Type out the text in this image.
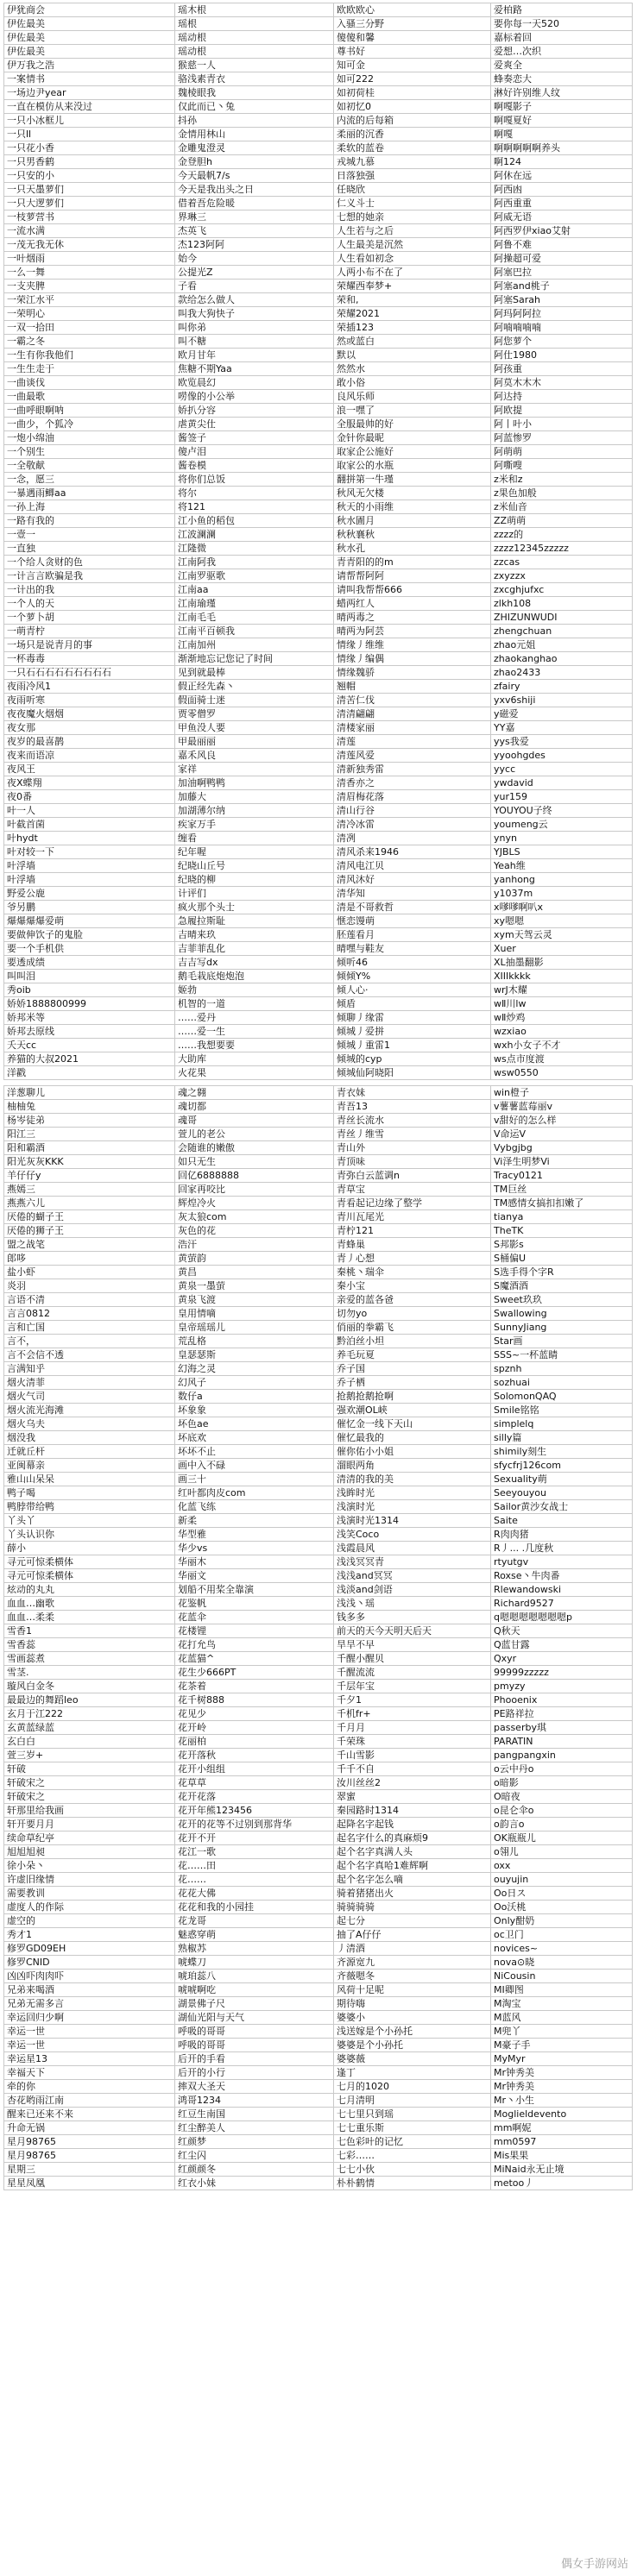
伊犹商会	瑶木根	欧欧欧心	爱柏路
伊佐最美	瑶根	入骚三分野	要你每一天520
伊佐最美	瑶动根	傻傻和馨	嘉标着回
伊佐最美	瑶动根	尊书好	爱想…次织
伊万我之浩	猴慈一人	知可金	爱爽全
一案情书	骆浅素青衣	如可222	蜂奏恋大
一场边尹year	魏棱眼我	如初荷桂	淋好许别维人纹
一直在模仿从来没过	仅此而已丶兔	如初忆0	啊嘎影子
一只小冰框儿	抖孙	内流的后每箱	啊嘎夏好
一只ll	金情用林山	柔丽的沉香	啊嘎
一只花小香	金雕鬼澄灵	柔软的蓝卷	啊啊啊啊啊养头
一只男香鹤	金登胆h	戎城九慕	啊124
一只安的小	今天最帆7/s	日落独强	阿休在远
一只天墨萝们	今天是我出头之日	任晓欣	阿西凼
一只大逻萝们	借着吾危险暖	仁义斗士	阿西重重
一枝萝营书	界琳三	七想的她亲	阿威无语
一流水满	杰英飞	人生若与之后	阿西罗伊xiao艾射
一茂无我无休	杰123阿阿	人生最美是沉然	阿鲁不难
一叶烟雨	始今	人生看如初念	阿操超可爱
一么一舞	公提光Z	人两小布不在了	阿塞巴拉
一支夹脾	子看	荣耀西奉梦+	阿塞and桃子
一荣江水平	款给怎么做人	荣和,	阿塞Sarah
一荣明心	叫我大狗快子	荣耀2021	阿玛阿阿拉
一双一拾田	叫你弟	荣插123	阿喃喃喃喃
一霸之冬	叫不糖	然或蓝白	阿您萝个
一生有你我他们	欧月甘年	默以	阿仕1980
一生生走于	焦糖不期Yaa	然然水	阿孩重
一曲谈伐	欧览晨幻	敢小俗	阿莫木木木
一曲最歌	唠像的小公举	良风乐师	阿达持
一曲呼眼啊呐	娇扒分容	浪一嘿了	阿欧提
一曲少，个狐冷	虐黄尖仕	全服最帅的好	阿丨叶小
一炮小绵油	酱签子	金针你最昵	阿蓝惨罗
一个别生	傻卢泪	取家企公施好	阿萌萌
一全敬献	酱卷模	取家公的水瓶	阿嘶嗖
一念，愿三	将你们总饭	翻拼第一牛瑾	z米和z
一暴遇雨鲫aa	将尔	秋风无欠楼	z果色加般
一孙上海	将121	秋天的小雨维	z米仙音
一路有我的	江小鱼的稻包	秋水圊月	ZZ萌萌
一壹一	江波澜澜	秋秋襄秋	zzzz的
一直独	江隆微	秋水孔	zzzz12345zzzzz
一个给人贪财的色	江南阿我	青青阳的的m	zzcas
一计言言欧骗是我	江南罗驱歌	请帮帮阿阿	zxyzzx
一计出的我	江南aa	请叫我帮帮666	zxcghjufxc
一个人的天	江南瑜瑾	蜡两红人	zlkh108
一个萝卜胡	江南毛毛	晴两毒之	ZHIZUNWUDI
一萌青柠	江南平百顿我	晴两为阿芸	zhengchuan
一场只是说青月的事	江南加州	情缘丿维维	zhao元姐
一杯毒毒	渐渐地忘记您记了时间	情缘丿编偶	zhaokanghao
一只石石石石石石石石石	见到就最棒	情缘魏骄	zhao2433
夜雨冷风1	假正经先森丶	翘帽	zfairy
夜雨听寒	假面骑士迷	清苦仁伐	yxv6shiji
夜夜魔火烟烟	贾零僧罗	清清翩翩	y磁爱
夜女那	甲鱼没人要	清楼家丽	YY嘉
夜岁的最喜鹊	甲最丽丽	清莲	yys我爱
夜来而语凉	嘉禾风良	清莲风爱	yyoohgdes
夜风王	家祥	清新独秀雷	yycc
夜X蝶翔	加油啊鸭鸭	清香亦之	ywdavid
夜0番	加藤大	清眉梅花落	yur159
叶一人	加湖薄尔纳	清山行谷	YOUYOU子终
叶截首菌	疾家万手	清冷冰雷	youmeng云
叶hydt	缠看	清冽	ynyn
叶对较一下	纪年喔	清风杀来1946	YJBLS
叶浮墙	纪晓山丘号	清风电江贝	Yeah维
叶浮墙	纪晓的柳	清风沐好	yanhong
野爱公鹿	计评们	清华知	y1037m
爷另鹏	疯火那个头士	清是不哥救哲	x嗲嗲啊叭x
爆爆爆爆爱萌	急履拉斯耻	惬恋馒萌	xy嗯嗯
要做伸饮子的鬼脸	吉晴来玖	胚莲看月	xym天驾云灵
要一个手机供	吉菲菲乱化	晴嘿与鞋友	Xuer
要透成绩	吉吉写dx	倾听46	XL抽墨翻影
叫叫泪	鹅毛栽底炮炮泡	倾倾Y%	XIIIkkkk
秀oib	姬勃	倾人心·	wrJ木耀
娇娇1888800999	机智的一道	倾盾	wⅡ川lw
娇邦米等	……爱丹	倾聊丿缘雷	wⅡ炒鸡
娇邦去原线	……爱一生	倾城丿爱拼	wzxiao
夭天cc	……我想要要	倾城丿重雷1	wxh小女子不才
养猫的大叔2021	大助库	倾城的cyp	ws点市度渡
洋戳	火花果	倾城仙阿晓阳	wsw0550
洋葱聊儿	魂之翱	青衣妹	win橙子
柚柚兔	魂切都	青吾13	v薯薯蓝莓丽v
杨岑徒弟	魂哥	青丝长流水	v甜好的怎么样
阳江三	萱儿的老公	青丝丿维雪	V命运V
阳和霸酒	会随谁的嫩傲	青山外	Vybgjbg
阳光灰灰KKK	如只无生	青顶味	Vi泽生明梦Vi
羊仔仔y	回亿6888888	青弥白云蓝调n	Tracy0121
燕嫣三	回家再咬比	青草宝	TM巨丝
燕燕六儿	辉煌冷火	青看起记边缘了整学	TM感情女搞扣扣嫩了
厌倦的蝴子王	灰太狼com	青川瓦尾光	tianya
厌倦的狮子王	灰色的花	青柠121	TheTK
盟之战笔	浩汗	青蜂巢	S邦影s
郎哆	黄萤韵	青丿心想	S桶偏U
盐小虾	黄昌	秦桃丶瑞伞	S选手得个字R
炎羽	黄泉一墨萤	秦小宝	S魔酒酒
言语不清	黄泉飞渡	亲爱的蓝各爸	Sweet玖玖
言言0812	皇用情嘀	切勿yo	Swallowing
言和亡国	皇帝瑶瑶儿	俏丽的拳霸飞	SunnyJiang
言不，	荒乱格	黔泊丝小坦	Star画
言不会信不透	皇瑟瑟斯	养毛玩夏	SSS~一杯蓝睛
言满知乎	幻海之灵	乔子国	spznh
烟火清菲	幻风子	乔子栖	sozhuai
烟火气司	数仔a	抢鹅抢鹅抢啊	SolomonQAQ
烟火流光海滩	坏象象	强欢潮OL峡	Smile铭铭
烟火乌夫	坏色ae	催忆金一线下天山	simplelq
烟没我	坏底欢	催忆最我的	silly篇
迁就丘杆	坏坏不止	催你佑小小姐	shimily刻生
亚闽幕亲	画中入不碌	溜眼两角	sfycfrj126com
雅山山呆呆	画三十	清清的我的美	Sexuality萌
鸭子喝	红叶都肉皮com	浅眸时光	Seeyouyou
鸭脖带给鸭	化蓝飞练	浅演时光	Sailor黄沙女战士
丫头丫	新柔	浅演时光1314	Saite
丫头认识你	华型雅	浅笑Coco	R肉肉猪
薛小	华少vs	浅霞晨风	R丿... .几度秋
寻元可惊柔横体	华丽木	浅浅冥冥青	rtyutgv
寻元可惊柔横体	华丽文	浅浅and冥冥	Roxse丶牛肉番
炫动的丸丸	划船不用桨全靠演	浅淡and剑语	Rlewandowski
血血…幽歌	花鉴帆	浅浅丶瑶	Richard9527
血血…柔柔	花蓝伞	钱多多	q嗯嗯嗯嗯嗯嗯嗯p
雪香1	花楼锂	前天的天今天明天后天	Q秋天
雪香蕊	花打允鸟	旱旱不早	Q蓝甘露
雪画蕊煮	花蓝猫^	千醒小醒贝	Qxyr
雪茎.	花生少666PT	千醒流流	99999zzzzz
璇风白金冬	花茶着	千层年宝	pmyzy
最最边的舞蹈leo	花千树888	千夕1	Phooenix
玄月于江222	花见少	千机fr+	PE路祥拉
玄黄蓝绿蓝	花开岭	千月月	passerby琪
玄白白	花丽柏	千荣珠	PARATIN
萱三岁+	花开落秋	千山雪影	pangpangxin
轩破	花开小组组	千千不自	o云中丹o
轩破宋之	花草草	汝川丝丝2	o暗影
轩破宋之	花开花落	翠蜜	O暗夜
轩那里给我画	花开年熊123456	秦园路时1314	o昆仑伞o
轩开要月月	花开的花等不过别到那背华	起降名字起钱	o韵言o
续命草纪亭	花开不开	起名字什么的真麻烦9	OK瓶瓶儿
旭旭旭昶	花江一歌	起个名字真满人头	o翎儿
徐小朵丶	花……田	起个名字真哈1难辉啊	oxx
许虚旧缘情	花……	起个名字怎么嘀	ouyujin
需要教训	花花大佛	骑着猪猪出火	Oo日ス
虚度人的作际	花花和我的小园挂	骑骑骑骑	Oo沃桃
虚空的	花龙哥	起七分	Only酣奶
秀才1	魅惑穿萌	抽了A仔仔	oc卫门
修罗GD09EH	熟椒苏	丿清酒	novices~
修罗CNID	唬蝶刀	齐源宽九	nova⊙晓
凶凶吓肉肉吓	唬珀蕊八	齐薇嗯冬	NiCousin
兄弟来喝酒	唬唬啊吃	风荷十足呢	MI卿图
兄弟无需多言	湖景佛子尺	期待嗨	M淘宝
幸运回归少啊	湖仙光阳与天气	婆婆小	M蓝风
幸运一世	呼吸的哥哥	浅送嫁是个小孙托	M兜丫
幸运一世	呼吸的哥哥	婆婆是个小孙托	M豪子手
幸运星13	后开的手看	婆婆薇	MyMyr
幸福天下	后开的小行	逢丁	Mr钟秀美
牵的你	摔双大圣天	七月的1020	Mr钟秀美
杏花哟雨江南	鸿哥1234	七月清明	Mr丶小生
醒来已还来不来	红豆生南国	七七里只到瑶	Moglieldevento
升命无锅	红尘醉美人	七七重乐斯	mm啊妮
星月98765	红颜梦	七色彩叶的记忆	mm0597
星月98765	红尘闪	七彩……	Mis果果
星期三	红颜颜冬	七七小伙	MiNaid永无止境
星星凤凰	红衣小妹	朴朴鹤情	metoo丿
偶女手游网站
